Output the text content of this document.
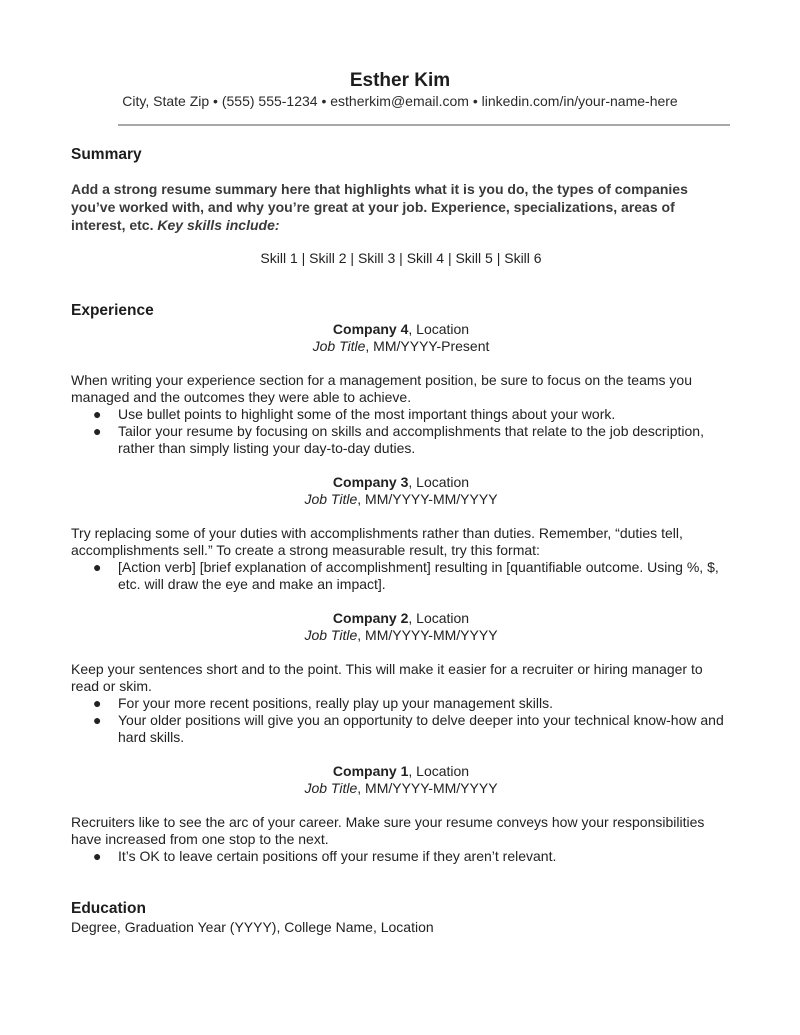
Esther Kim
City, State Zip • (555) 555-1234 • estherkim@email.com • linkedin.com/in/your-name-here
Summary
Add a strong resume summary here that highlights what it is you do, the types of companies you’ve worked with, and why you’re great at your job. Experience, specializations, areas of interest, etc. Key skills include:
Skill 1 | Skill 2 | Skill 3 | Skill 4 | Skill 5 | Skill 6
Experience
Company 4, Location
Job Title, MM/YYYY-Present
When writing your experience section for a management position, be sure to focus on the teams you managed and the outcomes they were able to achieve.
● Use bullet points to highlight some of the most important things about your work.
● Tailor your resume by focusing on skills and accomplishments that relate to the job description, rather than simply listing your day-to-day duties.
Company 3, Location
Job Title, MM/YYYY-MM/YYYY
Try replacing some of your duties with accomplishments rather than duties. Remember, “duties tell, accomplishments sell.” To create a strong measurable result, try this format:
● [Action verb] [brief explanation of accomplishment] resulting in [quantifiable outcome. Using %, $, etc. will draw the eye and make an impact].
Company 2, Location
Job Title, MM/YYYY-MM/YYYY
Keep your sentences short and to the point. This will make it easier for a recruiter or hiring manager to read or skim.
● For your more recent positions, really play up your management skills.
● Your older positions will give you an opportunity to delve deeper into your technical know-how and hard skills.
Company 1, Location
Job Title, MM/YYYY-MM/YYYY
Recruiters like to see the arc of your career. Make sure your resume conveys how your responsibilities have increased from one stop to the next.
● It’s OK to leave certain positions off your resume if they aren’t relevant.
Education
Degree, Graduation Year (YYYY), College Name, Location
